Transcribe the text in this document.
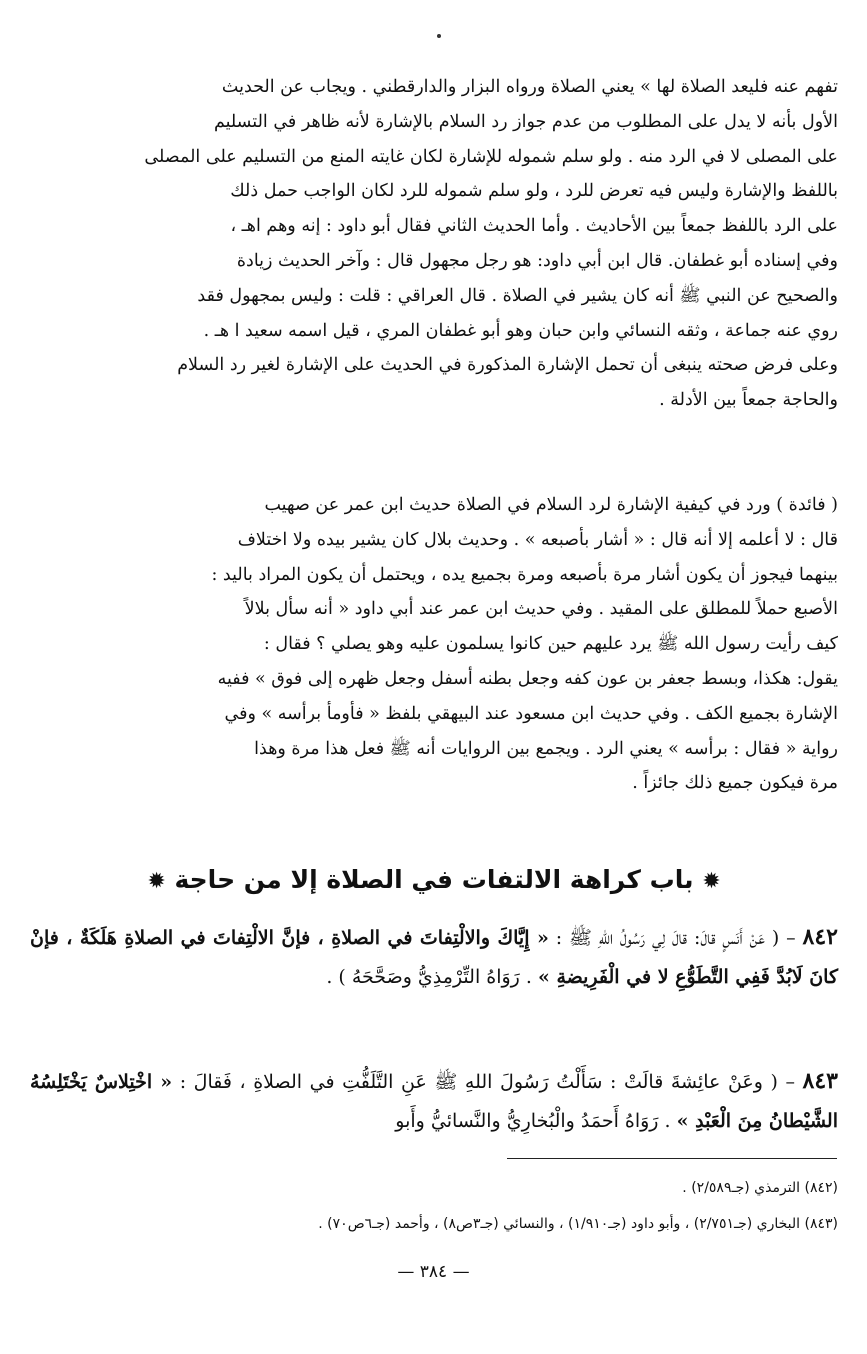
تفهم عنه فليعد الصلاة لها » يعني الصلاة ورواه البزار والدارقطني . ويجاب عن الحديث

الأول بأنه لا يدل على المطلوب من عدم جواز رد السلام بالإشارة لأنه ظاهر في التسليم

على المصلى لا في الرد منه . ولو سلم شموله للإشارة لكان غايته المنع من التسليم على المصلى

باللفظ والإشارة وليس فيه تعرض للرد ، ولو سلم شموله للرد لكان الواجب حمل ذلك

على الرد باللفظ جمعاً بين الأحاديث . وأما الحديث الثاني فقال أبو داود : إنه وهم اهـ ،

وفي إسناده أبو غطفان. قال ابن أبي داود: هو رجل مجهول قال : وآخر الحديث زيادة

والصحيح عن النبي ﷺ أنه كان يشير في الصلاة . قال العراقي : قلت : وليس بمجهول فقد

روي عنه جماعة ، وثقه النسائي وابن حبان وهو أبو غطفان المري ، قيل اسمه سعيد ا هـ .

وعلى فرض صحته ينبغى أن تحمل الإشارة المذكورة في الحديث على الإشارة لغير رد السلام

والحاجة جمعاً بين الأدلة .

( فائدة ) ورد في كيفية الإشارة لرد السلام في الصلاة حديث ابن عمر عن صهيب

قال : لا أعلمه إلا أنه قال : « أشار بأصبعه » . وحديث بلال كان يشير بيده ولا اختلاف

بينهما فيجوز أن يكون أشار مرة بأصبعه ومرة بجميع يده ، ويحتمل أن يكون المراد باليد :

الأصبع حملاً للمطلق على المقيد . وفي حديث ابن عمر عند أبي داود « أنه سأل بلالاً

كيف رأيت رسول الله ﷺ يرد عليهم حين كانوا يسلمون عليه وهو يصلي ؟ فقال :

يقول: هكذا، وبسط جعفر بن عون كفه وجعل بطنه أسفل وجعل ظهره إلى فوق » ففيه

الإشارة بجميع الكف . وفي حديث ابن مسعود عند البيهقي بلفظ « فأومأ برأسه » وفي

رواية « فقال : برأسه » يعني الرد . ويجمع بين الروايات أنه ﷺ فعل هذا مرة وهذا

مرة فيكون جميع ذلك جائزاً .

✹ باب كراهة الالتفات في الصلاة إلا من حاجة ✹
٨٤٢ – ( عَنْ أَنَسٍ قالَ: قالَ لِي رَسُولُ اللهِ ﷺ : « إِيَّاكَ والالْتِفاتَ في الصلاةِ ، فإنَّ الالْتِفاتَ في الصلاةِ هَلَكَةٌ ، فإنْ كانَ لَابُدَّ فَفِي التَّطَوُّعِ لا في الْفَرِيضةِ » . رَوَاهُ التِّرْمِذِيُّ وصَحَّحَهُ ) .
٨٤٣ – ( وعَنْ عائِشةَ قالَتْ : سَأَلْتُ رَسُولَ اللهِ ﷺ عَنِ التَّلَفُّتِ في الصلاةِ ، فَقالَ : « اخْتِلاسٌ يَخْتَلِسُهُ الشَّيْطانُ مِنَ الْعَبْدِ » . رَوَاهُ أَحمَدُ والْبُخارِيُّ والنَّسائيُّ وأَبو
(٨٤٢) الترمذي (جـ٢/٥٨٩) .
(٨٤٣) البخاري (جـ٢/٧٥١) ، وأبو داود (جـ١/٩١٠) ، والنسائي (جـ٣ص٨) ، وأحمد (جـ٦ص٧٠) .
— ٣٨٤ —
